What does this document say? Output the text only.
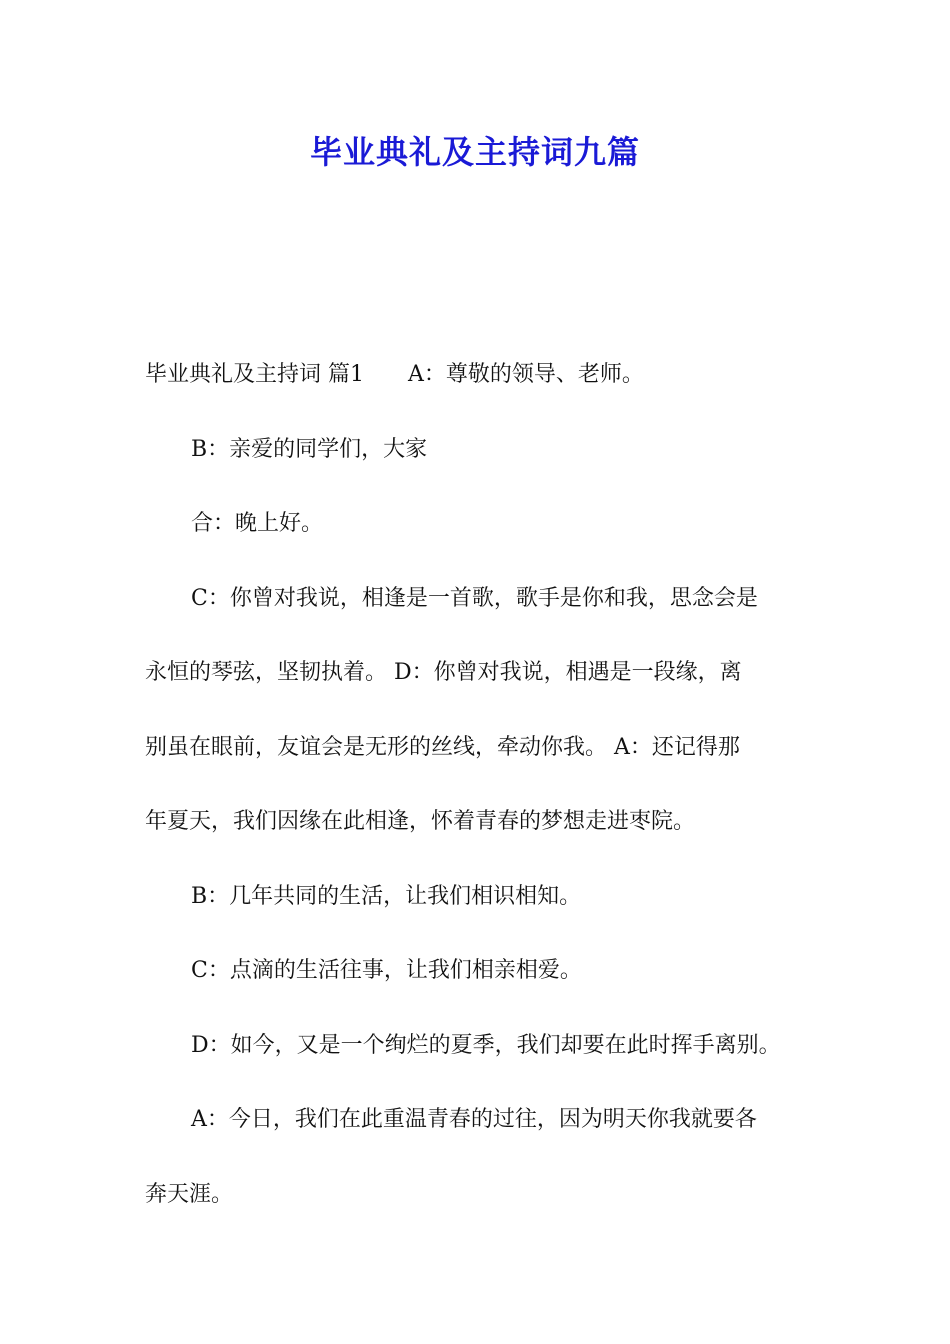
毕业典礼及主持词九篇

毕业典礼及主持词 篇1　　A：尊敬的领导、老师。

B：亲爱的同学们，大家

合：晚上好。

C：你曾对我说，相逢是一首歌，歌手是你和我，思念会是
永恒的琴弦，坚韧执着。 D：你曾对我说，相遇是一段缘，离
别虽在眼前，友谊会是无形的丝线，牵动你我。 A：还记得那
年夏天，我们因缘在此相逢，怀着青春的梦想走进枣院。

B：几年共同的生活，让我们相识相知。

C：点滴的生活往事，让我们相亲相爱。

D：如今，又是一个绚烂的夏季，我们却要在此时挥手离别。

A：今日，我们在此重温青春的过往，因为明天你我就要各
奔天涯。
